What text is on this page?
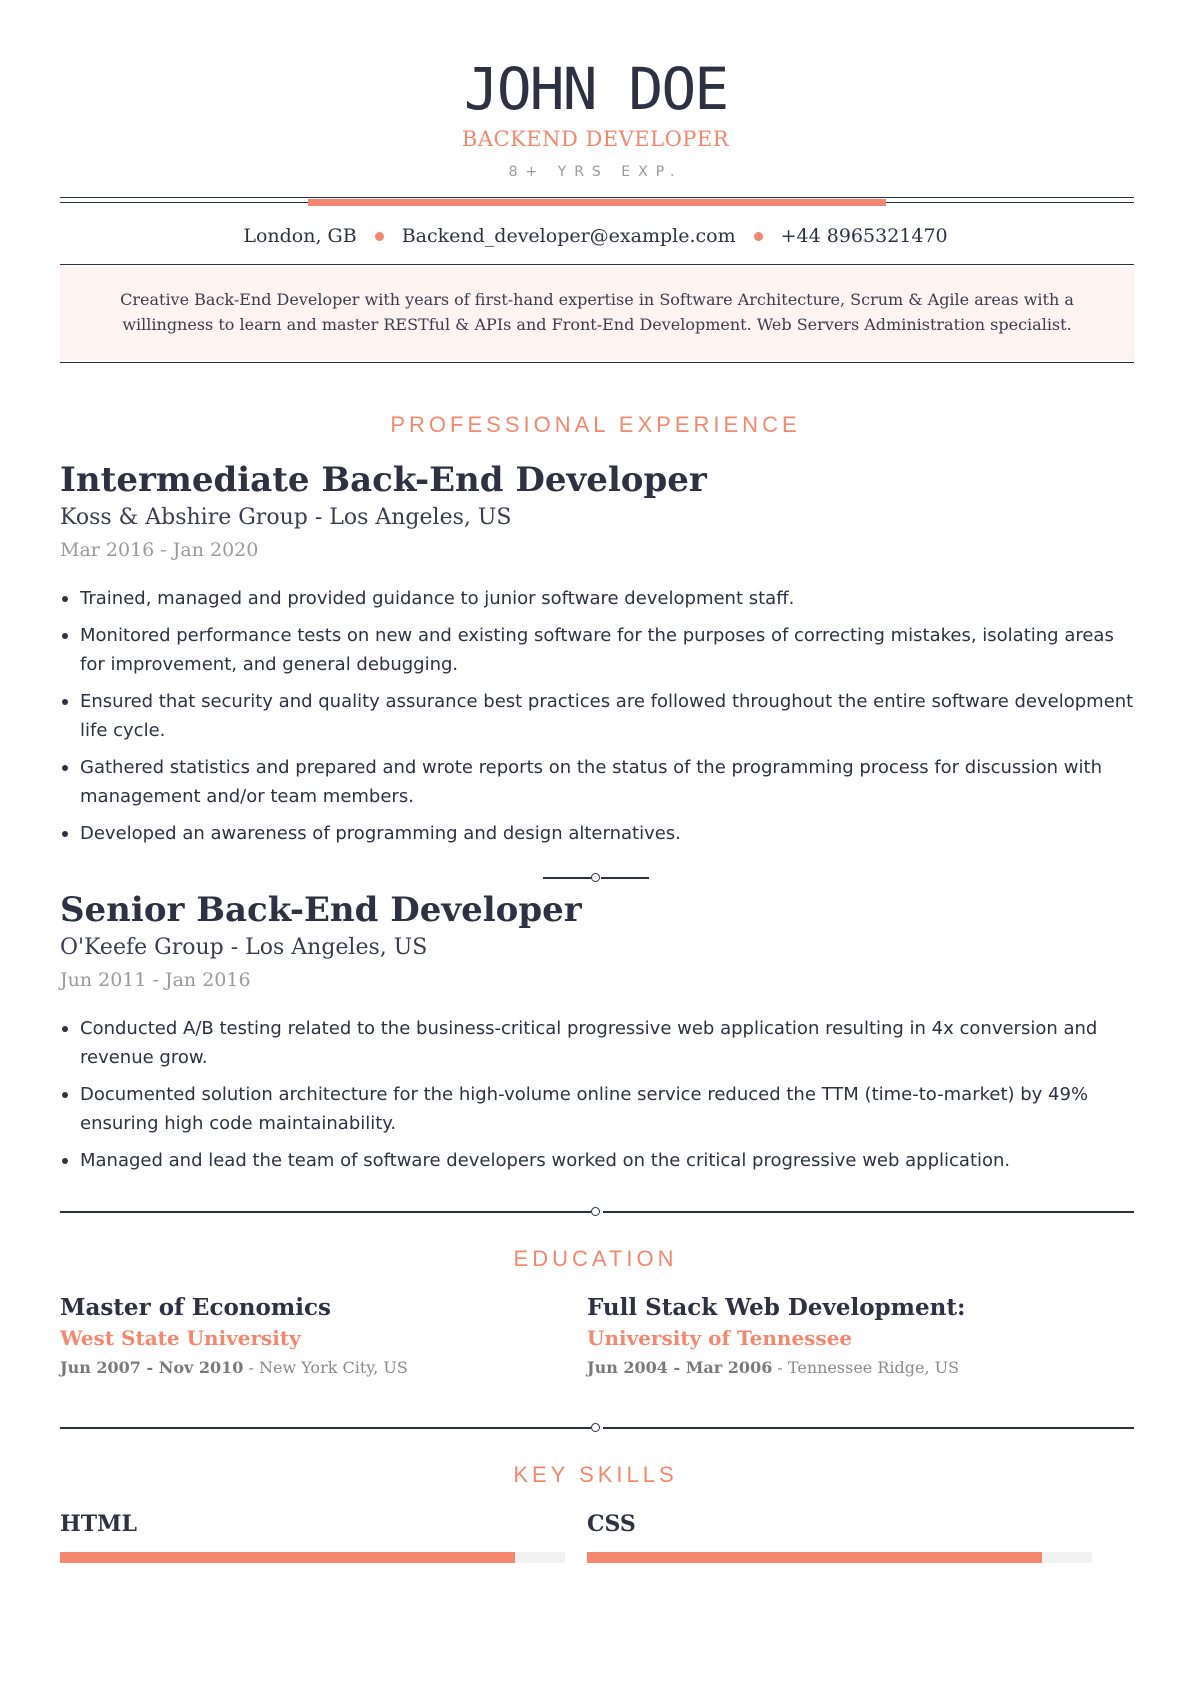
JOHN DOE
BACKEND DEVELOPER
8+ YRS EXP.
London, GB Backend_developer@example.com +44 8965321470
Creative Back-End Developer with years of first-hand expertise in Software Architecture, Scrum & Agile areas with a willingness to learn and master RESTful & APIs and Front-End Development. Web Servers Administration specialist.
PROFESSIONAL EXPERIENCE
Intermediate Back-End Developer
Koss & Abshire Group - Los Angeles, US
Mar 2016 - Jan 2020
Trained, managed and provided guidance to junior software development staff.
Monitored performance tests on new and existing software for the purposes of correcting mistakes, isolating areas for improvement, and general debugging.
Ensured that security and quality assurance best practices are followed throughout the entire software development life cycle.
Gathered statistics and prepared and wrote reports on the status of the programming process for discussion with management and/or team members.
Developed an awareness of programming and design alternatives.
Senior Back-End Developer
O'Keefe Group - Los Angeles, US
Jun 2011 - Jan 2016
Conducted A/B testing related to the business-critical progressive web application resulting in 4x conversion and revenue grow.
Documented solution architecture for the high-volume online service reduced the TTM (time-to-market) by 49% ensuring high code maintainability.
Managed and lead the team of software developers worked on the critical progressive web application.
EDUCATION
Master of Economics
West State University
Jun 2007 - Nov 2010 - New York City, US
Full Stack Web Development:
University of Tennessee
Jun 2004 - Mar 2006 - Tennessee Ridge, US
KEY SKILLS
HTML	CSS
